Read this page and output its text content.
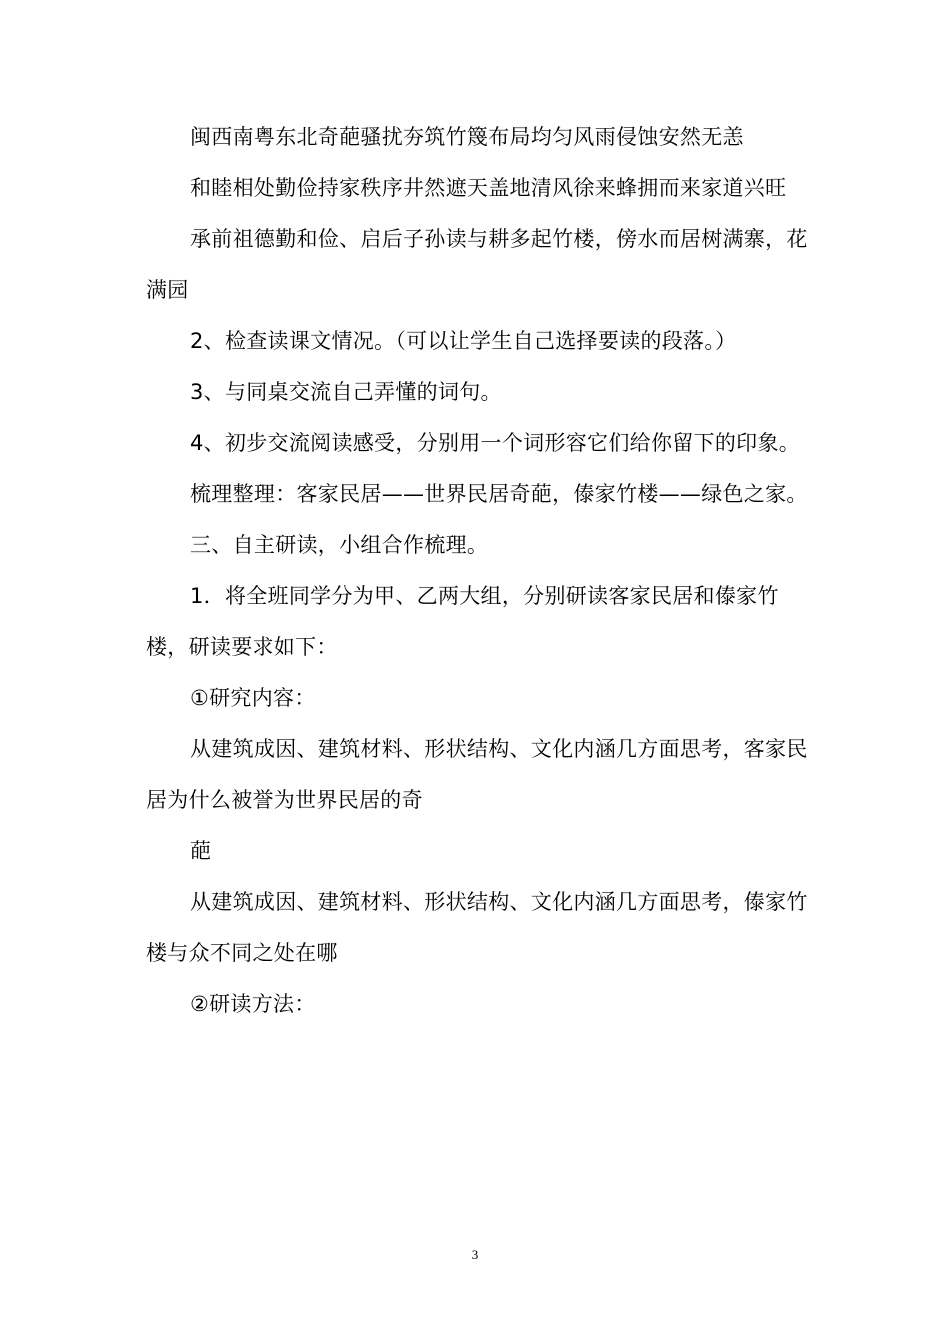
闽西南粤东北奇葩骚扰夯筑竹篾布局均匀风雨侵蚀安然无恙

和睦相处勤俭持家秩序井然遮天盖地清风徐来蜂拥而来家道兴旺

承前祖德勤和俭、启后子孙读与耕多起竹楼，傍水而居树满寨，花满园

2、检查读课文情况。（可以让学生自己选择要读的段落。）

3、与同桌交流自己弄懂的词句。

4、初步交流阅读感受，分别用一个词形容它们给你留下的印象。

梳理整理：客家民居——世界民居奇葩，傣家竹楼——绿色之家。

三、自主研读，小组合作梳理。

1．将全班同学分为甲、乙两大组，分别研读客家民居和傣家竹楼，研读要求如下：

①研究内容：

从建筑成因、建筑材料、形状结构、文化内涵几方面思考，客家民居为什么被誉为世界民居的奇

葩

从建筑成因、建筑材料、形状结构、文化内涵几方面思考，傣家竹楼与众不同之处在哪

②研读方法：

3
